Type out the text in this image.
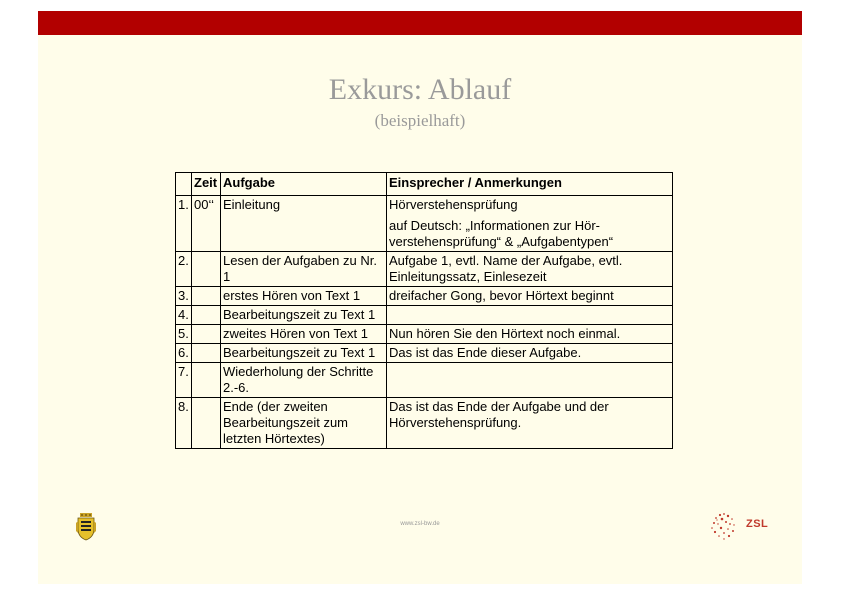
Exkurs: Ablauf
(beispielhaft)
	Zeit	Aufgabe	Einsprecher / Anmerkungen
1.	00‘‘	Einleitung	Hörverstehensprüfung
auf Deutsch: „Informationen zur Hör-verstehensprüfung“ & „Aufgabentypen“

2.		Lesen der Aufgaben zu Nr. 1	Aufgabe 1, evtl. Name der Aufgabe, evtl. Einleitungssatz, Einlesezeit

3.		erstes Hören von Text 1	dreifacher Gong, bevor Hörtext beginnt

4.		Bearbeitungszeit zu Text 1	

5.		zweites Hören von Text 1	Nun hören Sie den Hörtext noch einmal.

6.		Bearbeitungszeit zu Text 1	Das ist das Ende dieser Aufgabe.

7.		Wiederholung der Schritte 2.-6.	

8.		Ende (der zweiten Bearbeitungszeit zum letzten Hörtextes)	Das ist das Ende der Aufgabe und der Hörverstehensprüfung.
www.zsl-bw.de	ZSL
